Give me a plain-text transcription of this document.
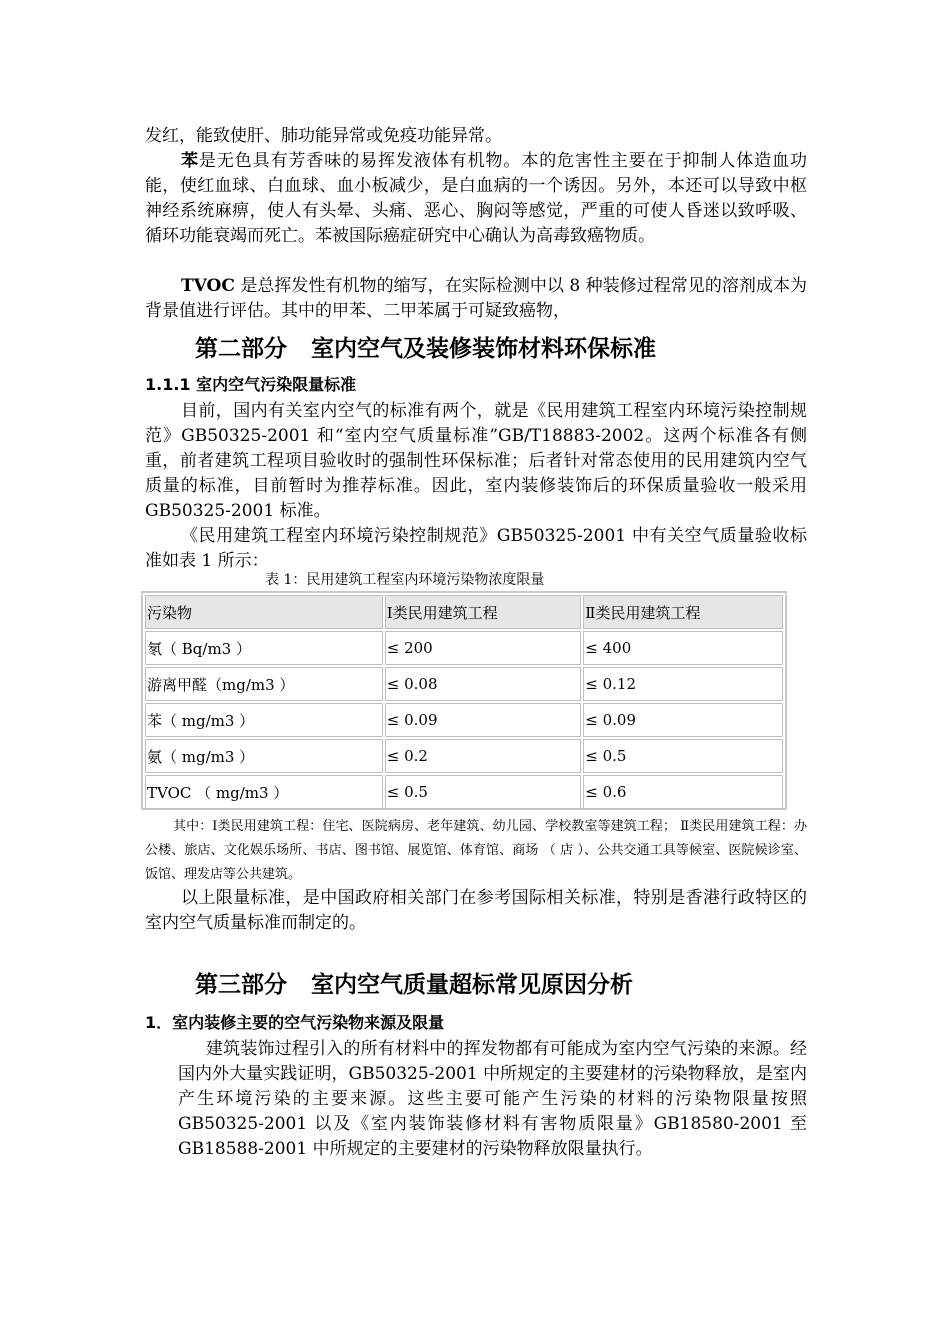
发红，能致使肝、肺功能异常或免疫功能异常。

苯是无色具有芳香味的易挥发液体有机物。本的危害性主要在于抑制人体造血功能，使红血球、白血球、血小板减少，是白血病的一个诱因。另外，本还可以导致中枢神经系统麻痹，使人有头晕、头痛、恶心、胸闷等感觉，严重的可使人昏迷以致呼吸、循环功能衰竭而死亡。苯被国际癌症研究中心确认为高毒致癌物质。

TVOC 是总挥发性有机物的缩写，在实际检测中以 8 种装修过程常见的溶剂成本为背景值进行评估。其中的甲苯、二甲苯属于可疑致癌物，

第二部分   室内空气及装修装饰材料环保标准
1.1.1 室内空气污染限量标准

目前，国内有关室内空气的标准有两个，就是《民用建筑工程室内环境污染控制规范》GB50325-2001 和“室内空气质量标准”GB/T18883-2002。这两个标准各有侧重，前者建筑工程项目验收时的强制性环保标准；后者针对常态使用的民用建筑内空气质量的标准，目前暂时为推荐标准。因此，室内装修装饰后的环保质量验收一般采用 GB50325-2001 标准。

《民用建筑工程室内环境污染控制规范》GB50325-2001 中有关空气质量验收标准如表 1 所示：

表 1：民用建筑工程室内环境污染物浓度限量
污染物	Ⅰ类民用建筑工程	Ⅱ类民用建筑工程
氡（ Bq/m3 ）	≤ 200	≤ 400
游离甲醛（mg/m3 ）	≤ 0.08	≤ 0.12
苯（ mg/m3 ）	≤ 0.09	≤ 0.09
氨（ mg/m3 ）	≤ 0.2	≤ 0.5
TVOC （ mg/m3 ）	≤ 0.5	≤ 0.6

其中：Ⅰ类民用建筑工程：住宅、医院病房、老年建筑、幼儿园、学校教室等建筑工程； Ⅱ类民用建筑工程：办公楼、旅店、文化娱乐场所、书店、图书馆、展览馆、体育馆、商场 （ 店 ）、公共交通工具等候室、医院候诊室、饭馆、理发店等公共建筑。

以上限量标准，是中国政府相关部门在参考国际相关标准，特别是香港行政特区的室内空气质量标准而制定的。

第三部分   室内空气质量超标常见原因分析
1．室内装修主要的空气污染物来源及限量

建筑装饰过程引入的所有材料中的挥发物都有可能成为室内空气污染的来源。经国内外大量实践证明，GB50325-2001 中所规定的主要建材的污染物释放，是室内产生环境污染的主要来源。这些主要可能产生污染的材料的污染物限量按照 GB50325-2001 以及《室内装饰装修材料有害物质限量》GB18580-2001 至 GB18588-2001 中所规定的主要建材的污染物释放限量执行。
